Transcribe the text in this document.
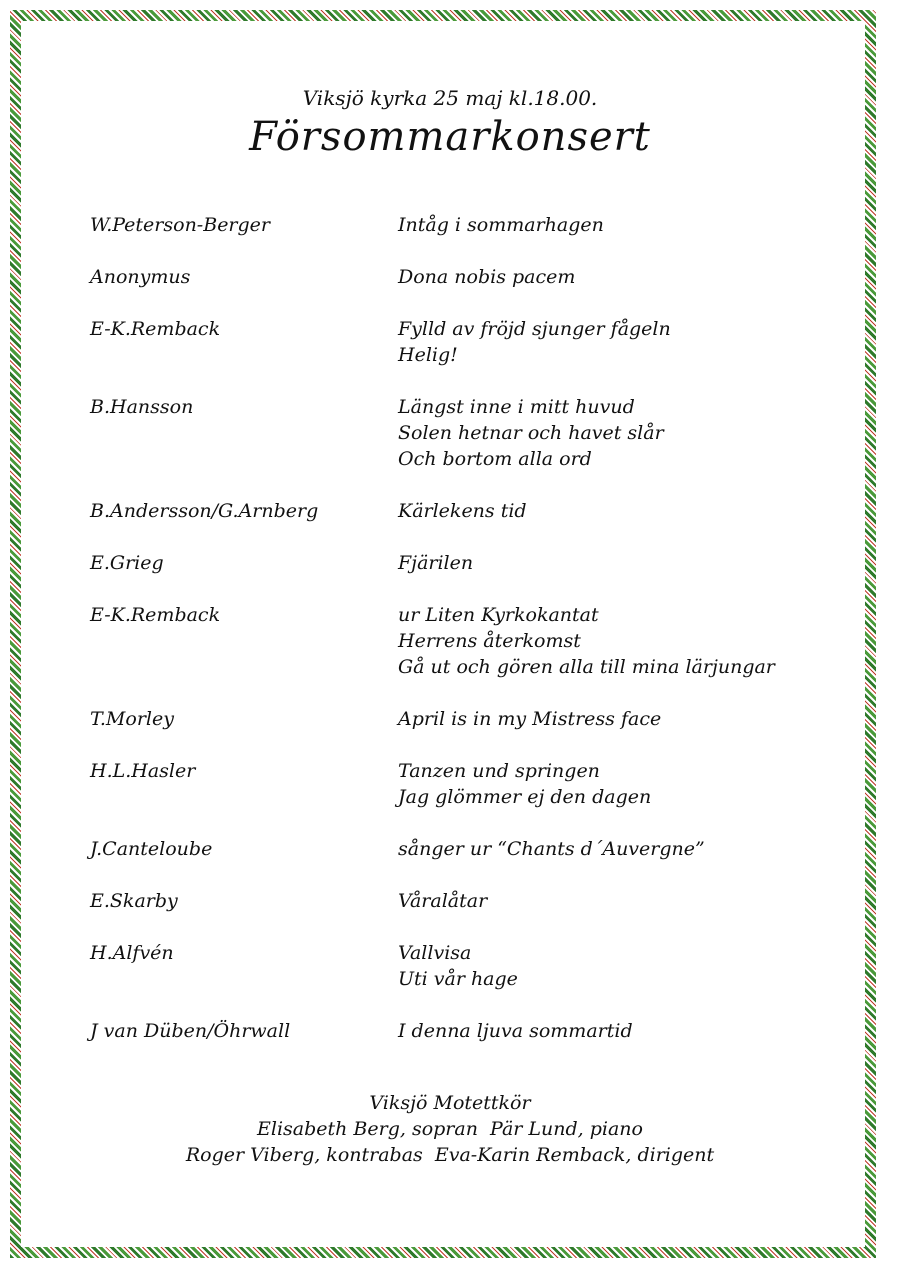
Viksjö kyrka 25 maj kl.18.00.
Försommarkonsert
W.Peterson-Berger	Intåg i sommarhagen
Anonymus	Dona nobis pacem
E-K.Remback	Fylld av fröjd sjunger fågeln
Helig!
B.Hansson	Längst inne i mitt huvud
Solen hetnar och havet slår
Och bortom alla ord
B.Andersson/G.Arnberg	Kärlekens tid
E.Grieg	Fjärilen
E-K.Remback	ur Liten Kyrkokantat
Herrens återkomst
Gå ut och gören alla till mina lärjungar
T.Morley	April is in my Mistress face
H.L.Hasler	Tanzen und springen
Jag glömmer ej den dagen
J.Canteloube	sånger ur “Chants d´Auvergne”
E.Skarby	Våralåtar
H.Alfvén	Vallvisa
Uti vår hage
J van Düben/Öhrwall	I denna ljuva sommartid
Viksjö Motettkör
Elisabeth Berg, sopran  Pär Lund, piano
Roger Viberg, kontrabas  Eva-Karin Remback, dirigent
